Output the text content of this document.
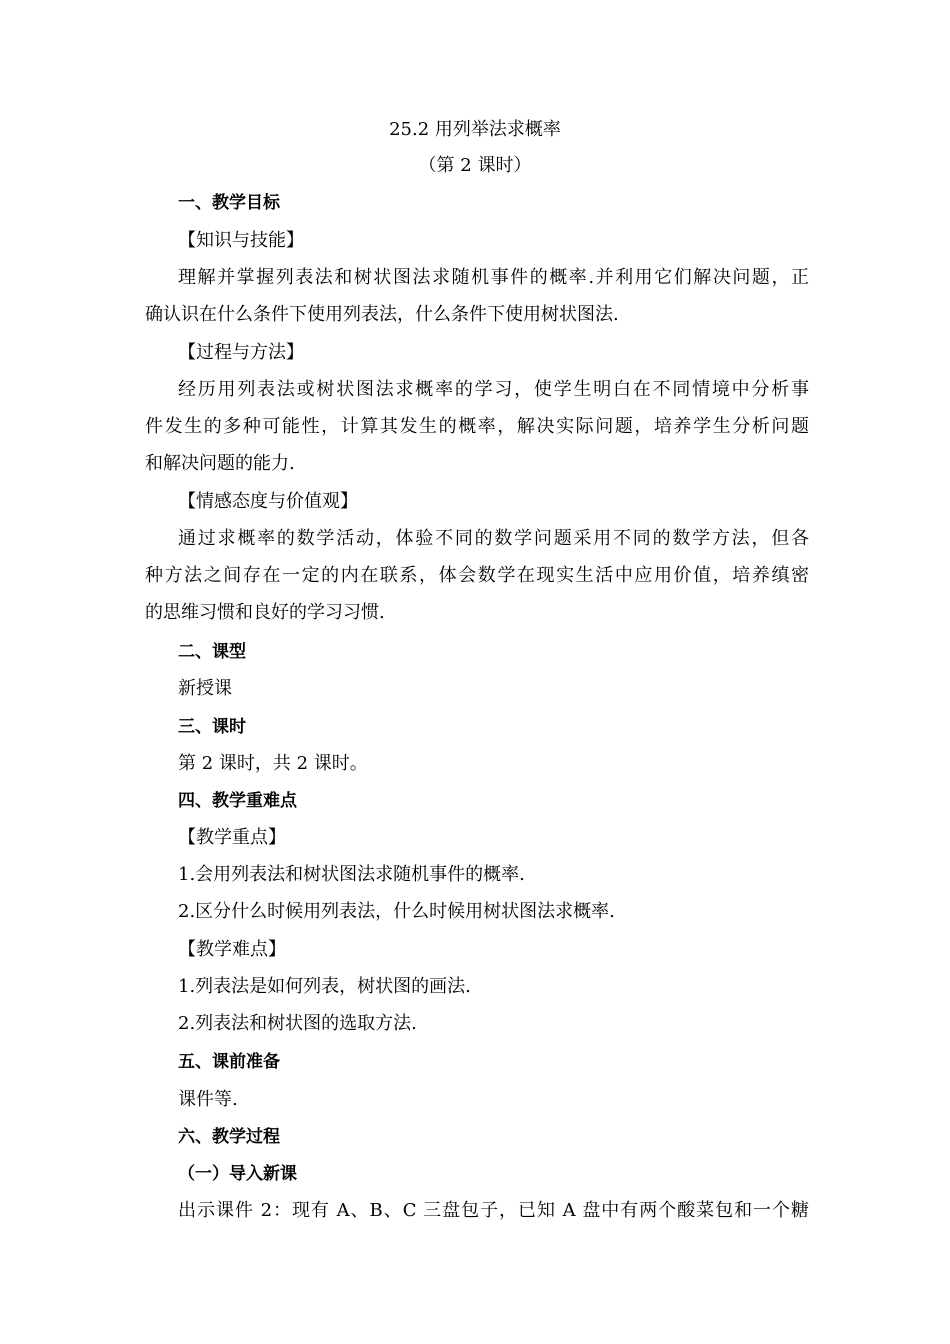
25.2 用列举法求概率
（第 2 课时）
一、教学目标
【知识与技能】
理解并掌握列表法和树状图法求随机事件的概率.并利用它们解决问题，正
确认识在什么条件下使用列表法，什么条件下使用树状图法.
【过程与方法】
经历用列表法或树状图法求概率的学习，使学生明白在不同情境中分析事
件发生的多种可能性，计算其发生的概率，解决实际问题，培养学生分析问题
和解决问题的能力.
【情感态度与价值观】
通过求概率的数学活动，体验不同的数学问题采用不同的数学方法，但各
种方法之间存在一定的内在联系，体会数学在现实生活中应用价值，培养缜密
的思维习惯和良好的学习习惯.
二、课型
新授课
三、课时
第 2 课时，共 2 课时。
四、教学重难点
【教学重点】
1.会用列表法和树状图法求随机事件的概率.
2.区分什么时候用列表法，什么时候用树状图法求概率.
【教学难点】
1.列表法是如何列表，树状图的画法.
2.列表法和树状图的选取方法.
五、课前准备
课件等.
六、教学过程
（一）导入新课
出示课件 2：现有 A、B、C 三盘包子，已知 A 盘中有两个酸菜包和一个糖
